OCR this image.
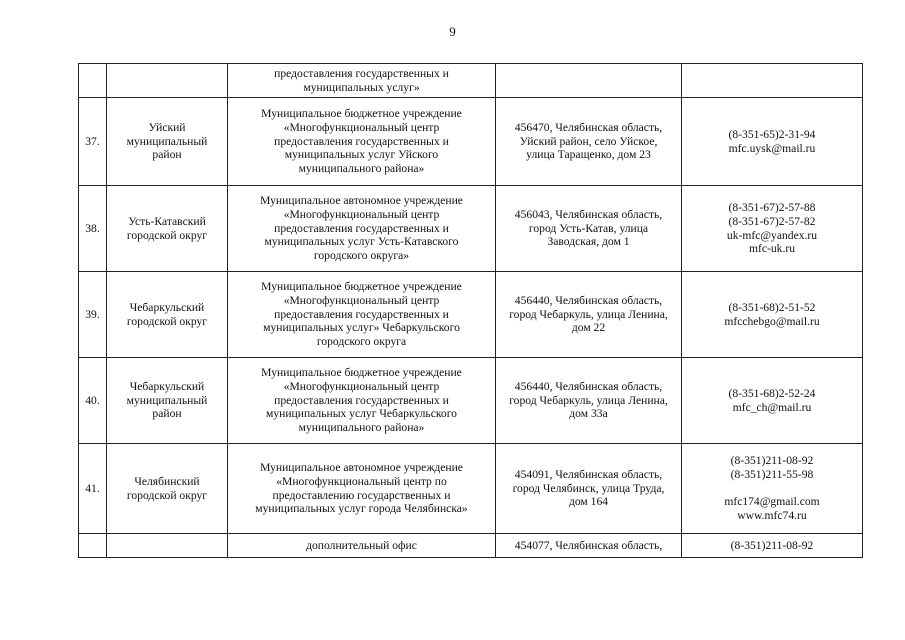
9

		предоставления государственных и
муниципальных услуг»		

37.	Уйский
муниципальный
район	Муниципальное бюджетное учреждение
«Многофункциональный центр
предоставления государственных и
муниципальных услуг Уйского
муниципального района»	456470, Челябинская область,
Уйский район, село Уйское,
улица Таращенко, дом 23	(8-351-65)2-31-94
mfc.uysk@mail.ru

38.	Усть-Катавский
городской округ	Муниципальное автономное учреждение
«Многофункциональный центр
предоставления государственных и
муниципальных услуг Усть-Катавского
городского округа»	456043, Челябинская область,
город Усть-Катав, улица
Заводская, дом 1	(8-351-67)2-57-88
(8-351-67)2-57-82
uk-mfc@yandex.ru
mfc-uk.ru

39.	Чебаркульский
городской округ	Муниципальное бюджетное учреждение
«Многофункциональный центр
предоставления государственных и
муниципальных услуг» Чебаркульского
городского округа	456440, Челябинская область,
город Чебаркуль, улица Ленина,
дом 22	(8-351-68)2-51-52
mfcchebgo@mail.ru

40.	Чебаркульский
муниципальный
район	Муниципальное бюджетное учреждение
«Многофункциональный центр
предоставления государственных и
муниципальных услуг Чебаркульского
муниципального района»	456440, Челябинская область,
город Чебаркуль, улица Ленина,
дом 33а	(8-351-68)2-52-24
mfc_ch@mail.ru

41.	Челябинский
городской округ	Муниципальное автономное учреждение
«Многофункциональный центр по
предоставлению государственных и
муниципальных услуг города Челябинска»	454091, Челябинская область,
город Челябинск, улица Труда,
дом 164	(8-351)211-08-92
(8-351)211-55-98
mfc174@gmail.com
www.mfc74.ru

		дополнительный офис	454077, Челябинская область,	(8-351)211-08-92
